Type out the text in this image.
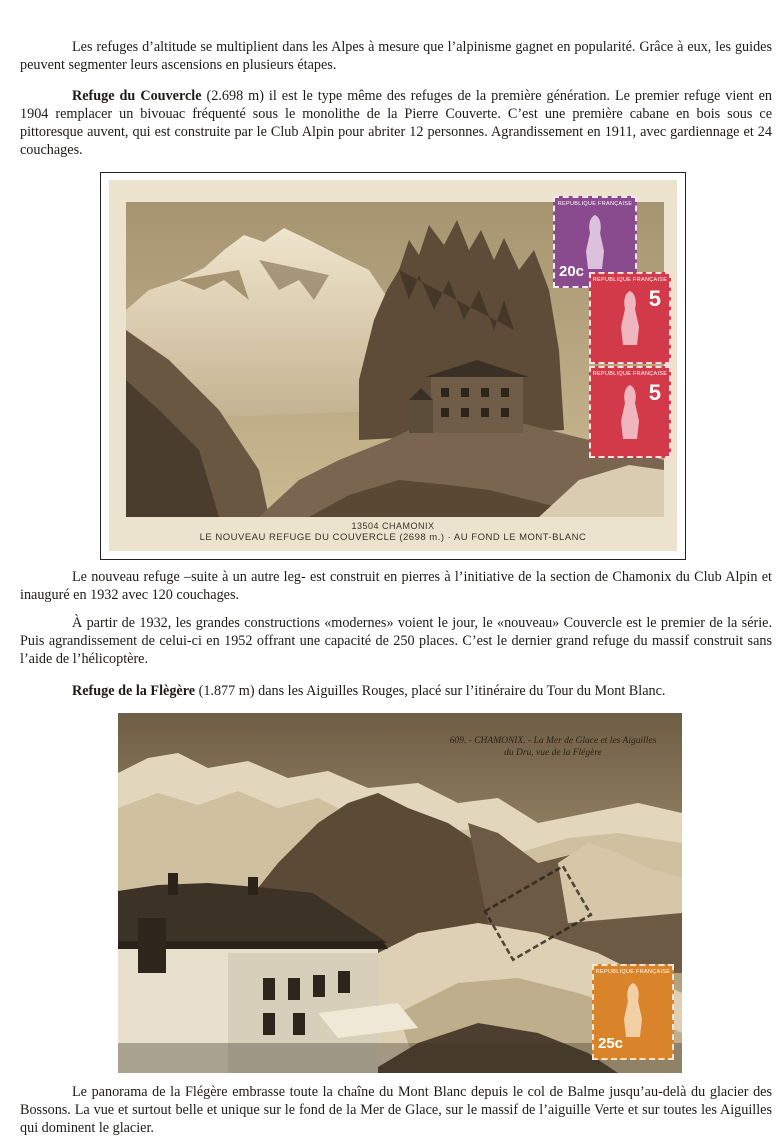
Les refuges d’altitude se multiplient dans les Alpes à mesure que l’alpinisme gagnet en popularité. Grâce à eux, les guides peuvent segmenter leurs ascensions en plusieurs étapes.

Refuge du Couvercle (2.698 m) il est le type même des refuges de la première génération. Le premier refuge vient en 1904 remplacer un bivouac fréquenté sous le monolithe de la Pierre Couverte. C’est une première cabane en bois sous ce pittoresque auvent, qui est construite par le Club Alpin pour abriter 12 personnes. Agrandissement en 1911, avec gardiennage et 24 couchages.

REPUBLIQUE FRANÇAISE
20c REPUBLIQUE FRANÇAISE
5
REPUBLIQUE FRANÇAISE
5
13504 CHAMONIX
LE NOUVEAU REFUGE DU COUVERCLE (2698 m.) · AU FOND LE MONT-BLANC

Le nouveau refuge –suite à un autre leg- est construit en pierres à l’initiative de la section de Chamonix du Club Alpin et inauguré en 1932 avec 120 couchages.

À partir de 1932, les grandes constructions «modernes» voient le jour, le «nouveau» Couvercle est le premier de la série. Puis agrandissement de celui-ci en 1952 offrant une capacité de 250 places. C’est le dernier grand refuge du massif construit sans l’aide de l’hélicoptère.

Refuge de la Flègère (1.877 m) dans les Aiguilles Rouges, placé sur l’itinéraire du Tour du Mont Blanc.

609. - CHAMONIX. - La Mer de Glace et les Aiguilles
du Dru, vue de la Flégère
REPUBLIQUE FRANÇAISE
25c

Le panorama de la Flégère embrasse toute la chaîne du Mont Blanc depuis le col de Balme jusqu’au-delà du glacier des Bossons. La vue et surtout belle et unique sur le fond de la Mer de Glace, sur le massif de l’aiguille Verte et sur toutes les Aiguilles qui dominent le glacier.
